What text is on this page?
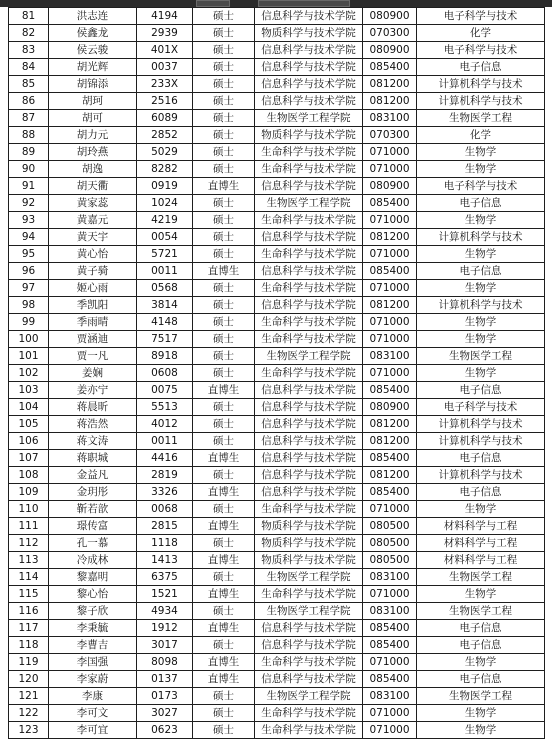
81	洪志连	4194	硕士	信息科学与技术学院	080900	电子科学与技术
82	侯鑫龙	2939	硕士	物质科学与技术学院	070300	化学
83	侯云骏	401X	硕士	信息科学与技术学院	080900	电子科学与技术
84	胡光辉	0037	硕士	信息科学与技术学院	085400	电子信息
85	胡锦添	233X	硕士	信息科学与技术学院	081200	计算机科学与技术
86	胡珂	2516	硕士	信息科学与技术学院	081200	计算机科学与技术
87	胡可	6089	硕士	生物医学工程学院	083100	生物医学工程
88	胡力元	2852	硕士	物质科学与技术学院	070300	化学
89	胡玲燕	5029	硕士	生命科学与技术学院	071000	生物学
90	胡逸	8282	硕士	生命科学与技术学院	071000	生物学
91	胡天衢	0919	直博生	信息科学与技术学院	080900	电子科学与技术
92	黄家蕊	1024	硕士	生物医学工程学院	085400	电子信息
93	黄嘉元	4219	硕士	生命科学与技术学院	071000	生物学
94	黄天宇	0054	硕士	信息科学与技术学院	081200	计算机科学与技术
95	黄心怡	5721	硕士	生命科学与技术学院	071000	生物学
96	黄子骑	0011	直博生	信息科学与技术学院	085400	电子信息
97	姬心雨	0568	硕士	生命科学与技术学院	071000	生物学
98	季凯阳	3814	硕士	信息科学与技术学院	081200	计算机科学与技术
99	季雨晴	4148	硕士	生命科学与技术学院	071000	生物学
100	贾涵迪	7517	硕士	生命科学与技术学院	071000	生物学
101	贾一凡	8918	硕士	生物医学工程学院	083100	生物医学工程
102	姜娴	0608	硕士	生命科学与技术学院	071000	生物学
103	姜亦宁	0075	直博生	信息科学与技术学院	085400	电子信息
104	蒋晨昕	5513	硕士	信息科学与技术学院	080900	电子科学与技术
105	蒋浩然	4012	硕士	信息科学与技术学院	081200	计算机科学与技术
106	蒋文涛	0011	硕士	信息科学与技术学院	081200	计算机科学与技术
107	蒋职城	4416	直博生	信息科学与技术学院	085400	电子信息
108	金益凡	2819	硕士	信息科学与技术学院	081200	计算机科学与技术
109	金玥彤	3326	直博生	信息科学与技术学院	085400	电子信息
110	靳若歆	0068	硕士	生命科学与技术学院	071000	生物学
111	璟传富	2815	直博生	物质科学与技术学院	080500	材料科学与工程
112	孔一慕	1118	硕士	物质科学与技术学院	080500	材料科学与工程
113	冷成林	1413	直博生	物质科学与技术学院	080500	材料科学与工程
114	黎嘉明	6375	硕士	生物医学工程学院	083100	生物医学工程
115	黎心怡	1521	直博生	生命科学与技术学院	071000	生物学
116	黎子欣	4934	硕士	生物医学工程学院	083100	生物医学工程
117	李秉毓	1912	直博生	信息科学与技术学院	085400	电子信息
118	李曹吉	3017	硕士	信息科学与技术学院	085400	电子信息
119	李国强	8098	直博生	生命科学与技术学院	071000	生物学
120	李家蔚	0137	直博生	信息科学与技术学院	085400	电子信息
121	李康	0173	硕士	生物医学工程学院	083100	生物医学工程
122	李可文	3027	硕士	生命科学与技术学院	071000	生物学
123	李可宜	0623	硕士	生命科学与技术学院	071000	生物学
